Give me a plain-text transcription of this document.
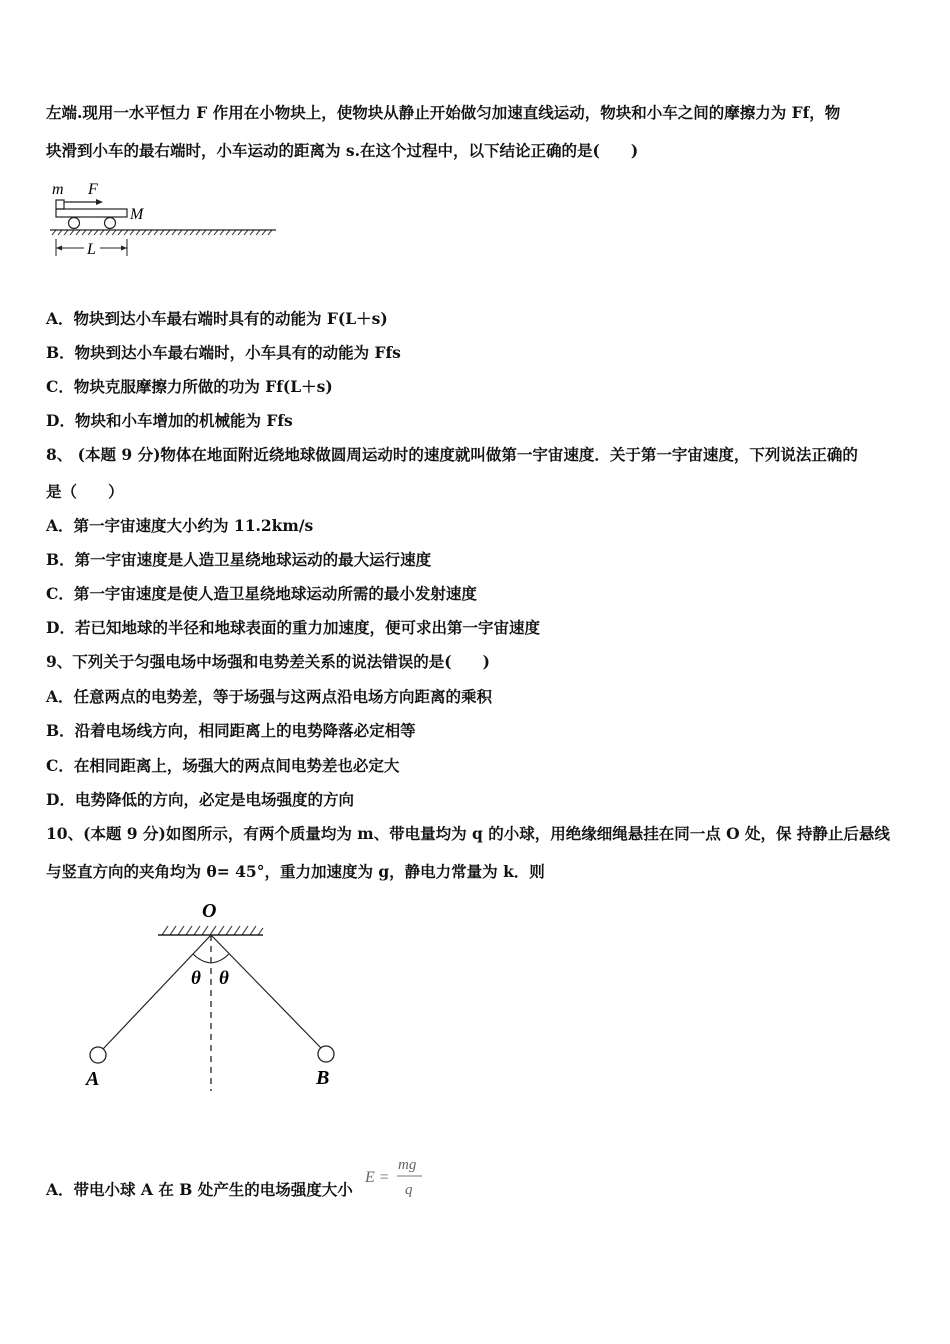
左端.现用一水平恒力 F 作用在小物块上，使物块从静止开始做匀加速直线运动，物块和小车之间的摩擦力为 Ff，物
块滑到小车的最右端时，小车运动的距离为 s.在这个过程中，以下结论正确的是(　　)
m F
M
L
A．物块到达小车最右端时具有的动能为 F(L＋s)
B．物块到达小车最右端时，小车具有的动能为 Ffs
C．物块克服摩擦力所做的功为 Ff(L＋s)
D．物块和小车增加的机械能为 Ffs
8、 (本题 9 分)物体在地面附近绕地球做圆周运动时的速度就叫做第一宇宙速度．关于第一宇宙速度，下列说法正确的
是（　　）
A．第一宇宙速度大小约为 11.2km/s
B．第一宇宙速度是人造卫星绕地球运动的最大运行速度
C．第一宇宙速度是使人造卫星绕地球运动所需的最小发射速度
D．若已知地球的半径和地球表面的重力加速度，便可求出第一宇宙速度
9、下列关于匀强电场中场强和电势差关系的说法错误的是(　　)
A．任意两点的电势差，等于场强与这两点沿电场方向距离的乘积
B．沿着电场线方向，相同距离上的电势降落必定相等
C．在相同距离上，场强大的两点间电势差也必定大
D．电势降低的方向，必定是电场强度的方向
10、(本题 9 分)如图所示，有两个质量均为 m、带电量均为 q 的小球，用绝缘细绳悬挂在同一点 O 处，保 持静止后悬线
与竖直方向的夹角均为 θ= 45°，重力加速度为 g，静电力常量为 k．则
O
θ θ
A	B
A．带电小球 A 在 B 处产生的电场强度大小
E =
mg
q
